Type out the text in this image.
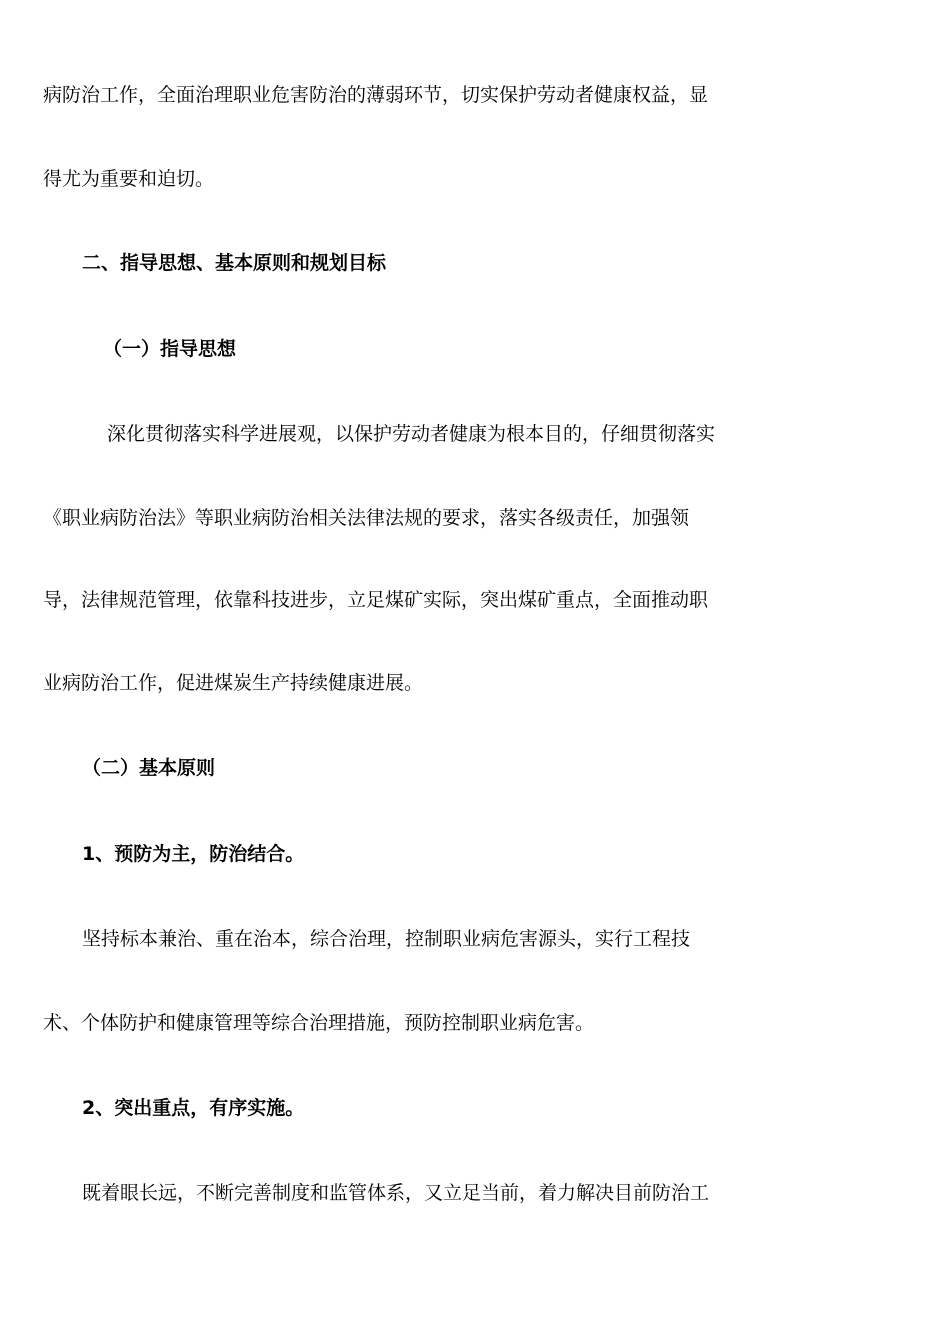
病防治工作，全面治理职业危害防治的薄弱环节，切实保护劳动者健康权益，显
得尤为重要和迫切。
二、指导思想、基本原则和规划目标
（一）指导思想
深化贯彻落实科学进展观，以保护劳动者健康为根本目的，仔细贯彻落实
《职业病防治法》等职业病防治相关法律法规的要求，落实各级责任，加强领
导，法律规范管理，依靠科技进步，立足煤矿实际，突出煤矿重点，全面推动职
业病防治工作，促进煤炭生产持续健康进展。
（二）基本原则
1、预防为主，防治结合。
坚持标本兼治、重在治本，综合治理，控制职业病危害源头，实行工程技
术、个体防护和健康管理等综合治理措施，预防控制职业病危害。
2、突出重点，有序实施。
既着眼长远，不断完善制度和监管体系，又立足当前，着力解决目前防治工
